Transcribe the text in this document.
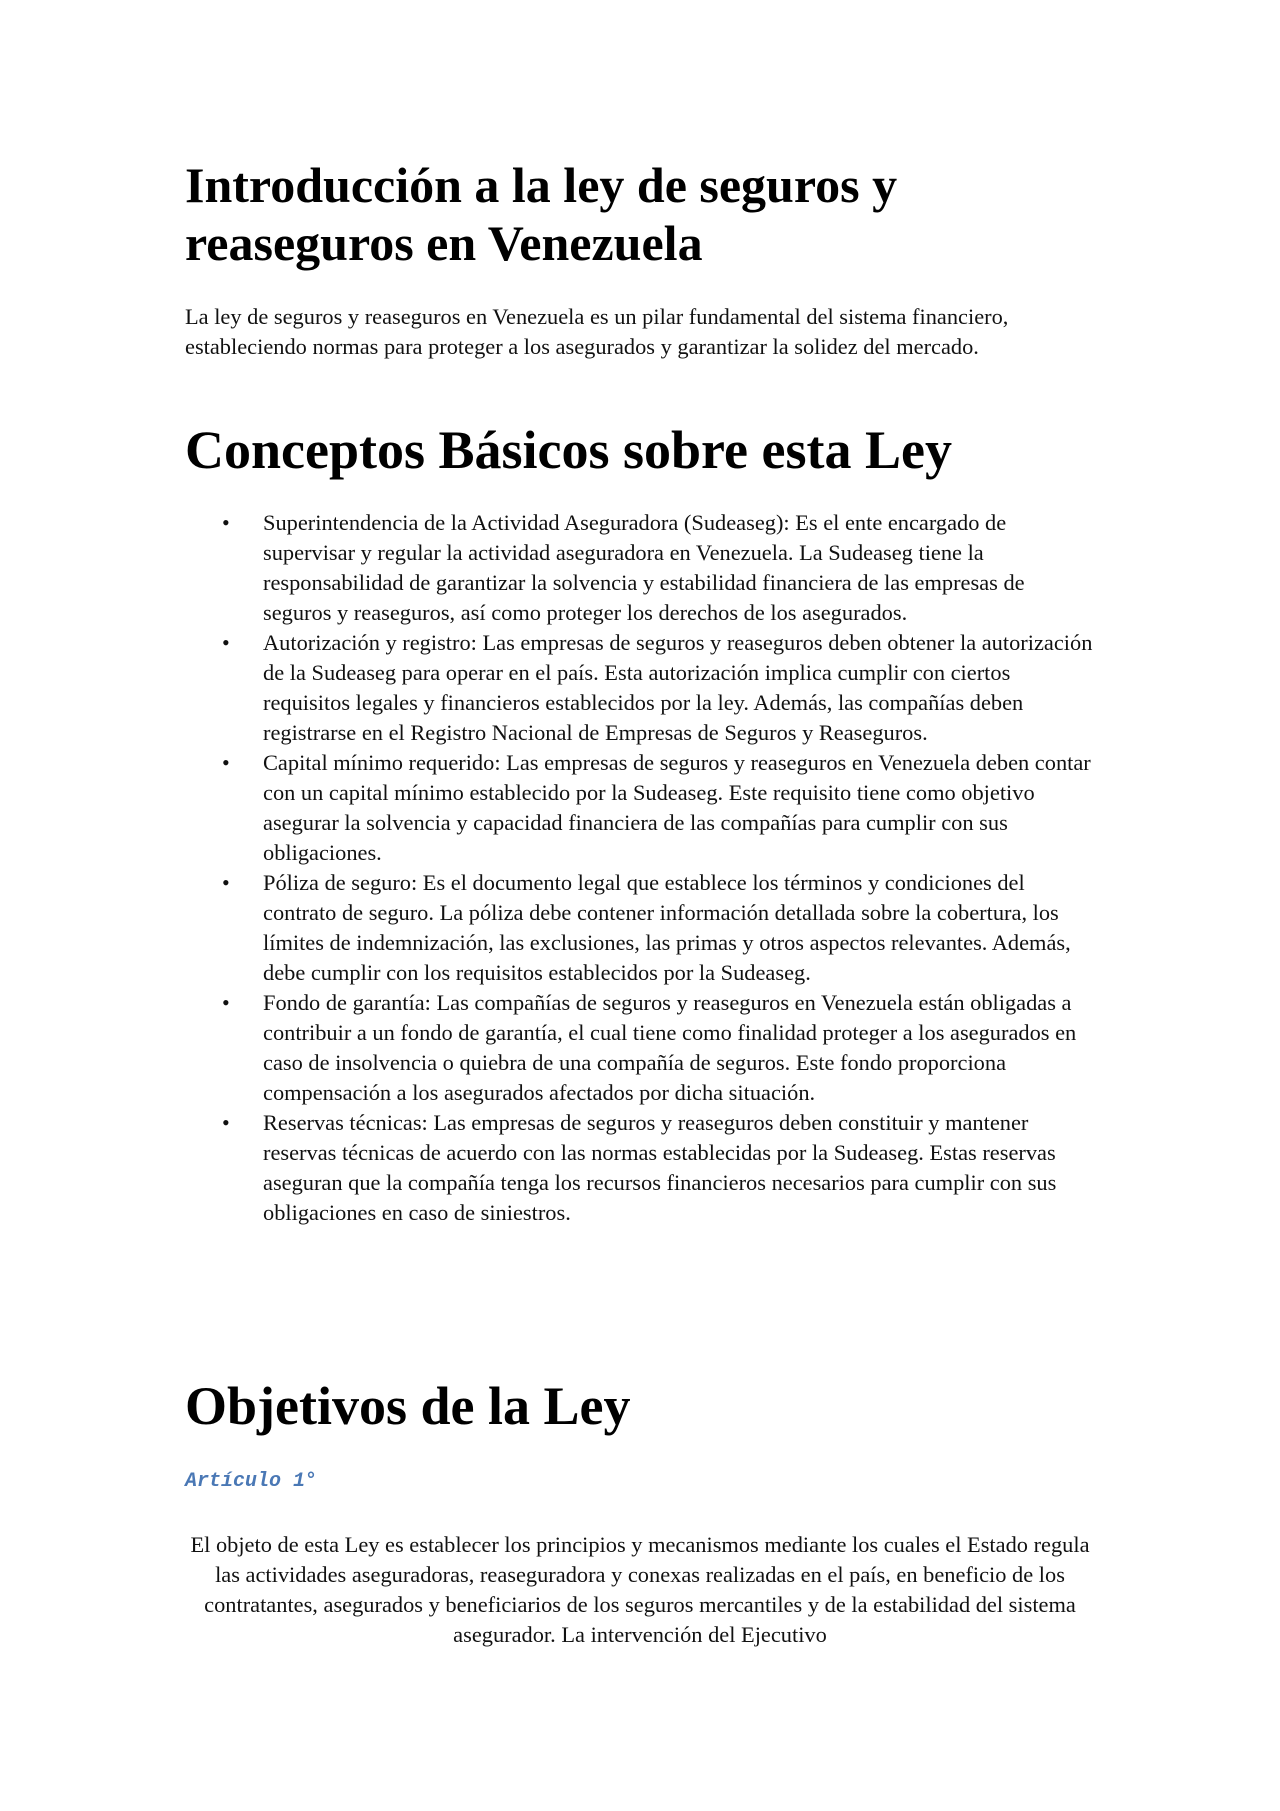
Introducción a la ley de seguros y reaseguros en Venezuela

La ley de seguros y reaseguros en Venezuela es un pilar fundamental del sistema financiero, estableciendo normas para proteger a los asegurados y garantizar la solidez del mercado.

Conceptos Básicos sobre esta Ley
• Superintendencia de la Actividad Aseguradora (Sudeaseg): Es el ente encargado de supervisar y regular la actividad aseguradora en Venezuela. La Sudeaseg tiene la responsabilidad de garantizar la solvencia y estabilidad financiera de las empresas de seguros y reaseguros, así como proteger los derechos de los asegurados.
• Autorización y registro: Las empresas de seguros y reaseguros deben obtener la autorización de la Sudeaseg para operar en el país. Esta autorización implica cumplir con ciertos requisitos legales y financieros establecidos por la ley. Además, las compañías deben registrarse en el Registro Nacional de Empresas de Seguros y Reaseguros.
• Capital mínimo requerido: Las empresas de seguros y reaseguros en Venezuela deben contar con un capital mínimo establecido por la Sudeaseg. Este requisito tiene como objetivo asegurar la solvencia y capacidad financiera de las compañías para cumplir con sus obligaciones.
• Póliza de seguro: Es el documento legal que establece los términos y condiciones del contrato de seguro. La póliza debe contener información detallada sobre la cobertura, los límites de indemnización, las exclusiones, las primas y otros aspectos relevantes. Además, debe cumplir con los requisitos establecidos por la Sudeaseg.
• Fondo de garantía: Las compañías de seguros y reaseguros en Venezuela están obligadas a contribuir a un fondo de garantía, el cual tiene como finalidad proteger a los asegurados en caso de insolvencia o quiebra de una compañía de seguros. Este fondo proporciona compensación a los asegurados afectados por dicha situación.
• Reservas técnicas: Las empresas de seguros y reaseguros deben constituir y mantener reservas técnicas de acuerdo con las normas establecidas por la Sudeaseg. Estas reservas aseguran que la compañía tenga los recursos financieros necesarios para cumplir con sus obligaciones en caso de siniestros.
Objetivos de la Ley
Artículo 1°

El objeto de esta Ley es establecer los principios y mecanismos mediante los cuales el Estado regula las actividades aseguradoras, reaseguradora y conexas realizadas en el país, en beneficio de los contratantes, asegurados y beneficiarios de los seguros mercantiles y de la estabilidad del sistema asegurador. La intervención del Ejecutivo
